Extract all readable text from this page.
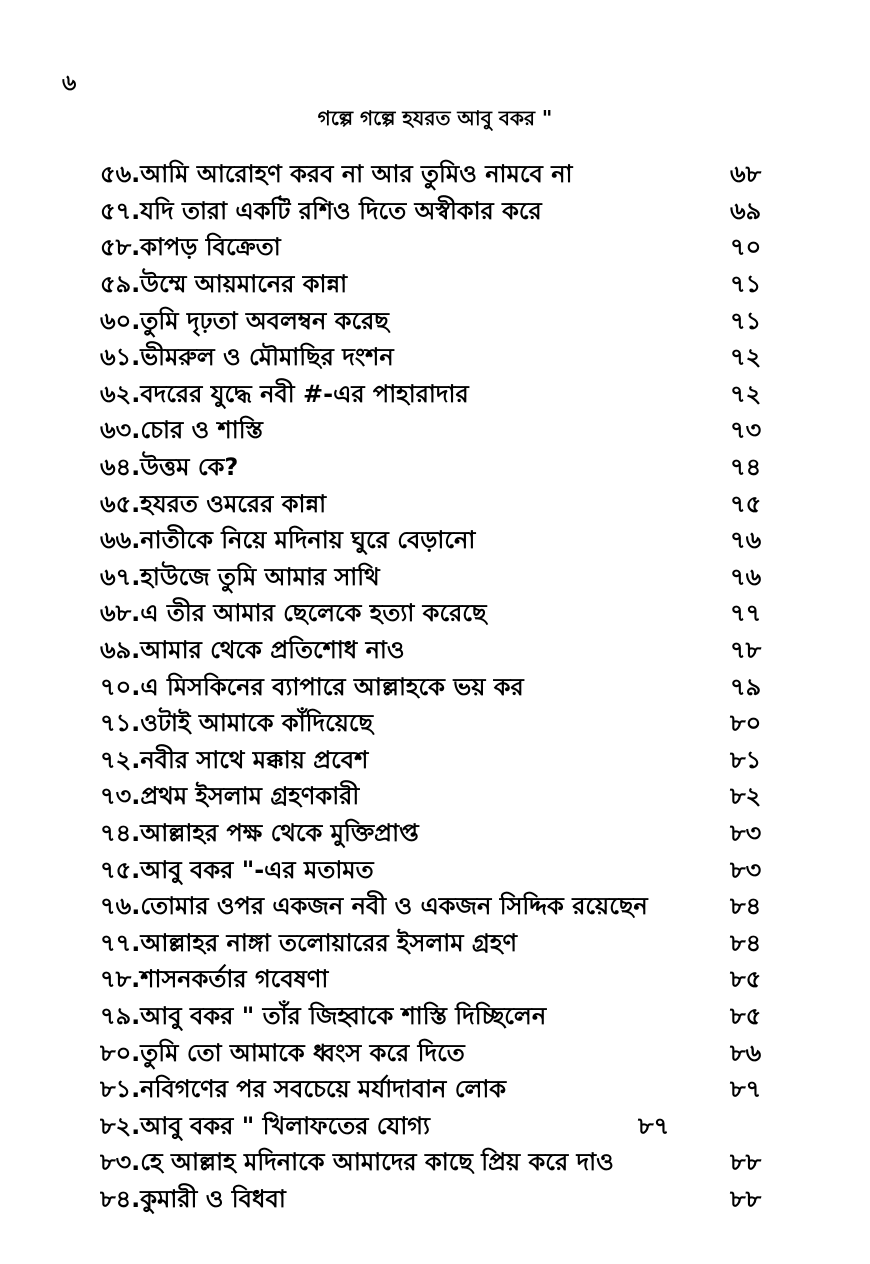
৬
গল্পে গল্পে হযরত আবু বকর "
৫৬.আমি আরোহণ করব না আর তুমিও নামবে না	৬৮
৫৭.যদি তারা একটি রশিও দিতে অস্বীকার করে	৬৯
৫৮.কাপড় বিক্রেতা	৭০
৫৯.উম্মে আয়মানের কান্না	৭১
৬০.তুমি দৃঢ়তা অবলম্বন করেছ	৭১
৬১.ভীমরুল ও মৌমাছির দংশন	৭২
৬২.বদরের যুদ্ধে নবী #-এর পাহারাদার	৭২
৬৩.চোর ও শাস্তি	৭৩
৬৪.উত্তম কে?	৭৪
৬৫.হযরত ওমরের কান্না	৭৫
৬৬.নাতীকে নিয়ে মদিনায় ঘুরে বেড়ানো	৭৬
৬৭.হাউজে তুমি আমার সাথি	৭৬
৬৮.এ তীর আমার ছেলেকে হত্যা করেছে	৭৭
৬৯.আমার থেকে প্রতিশোধ নাও	৭৮
৭০.এ মিসকিনের ব্যাপারে আল্লাহকে ভয় কর	৭৯
৭১.ওটাই আমাকে কাঁদিয়েছে	৮০
৭২.নবীর সাথে মক্কায় প্রবেশ	৮১
৭৩.প্রথম ইসলাম গ্রহণকারী	৮২
৭৪.আল্লাহর পক্ষ থেকে মুক্তিপ্রাপ্ত	৮৩
৭৫.আবু বকর "-এর মতামত	৮৩
৭৬.তোমার ওপর একজন নবী ও একজন সিদ্দিক রয়েছেন	৮৪
৭৭.আল্লাহর নাঙ্গা তলোয়ারের ইসলাম গ্রহণ	৮৪
৭৮.শাসনকর্তার গবেষণা	৮৫
৭৯.আবু বকর " তাঁর জিহ্বাকে শাস্তি দিচ্ছিলেন	৮৫
৮০.তুমি তো আমাকে ধ্বংস করে দিতে	৮৬
৮১.নবিগণের পর সবচেয়ে মর্যাদাবান লোক	৮৭
৮২.আবু বকর " খিলাফতের যোগ্য	৮৭
৮৩.হে আল্লাহ মদিনাকে আমাদের কাছে প্রিয় করে দাও	৮৮
৮৪.কুমারী ও বিধবা	৮৮
